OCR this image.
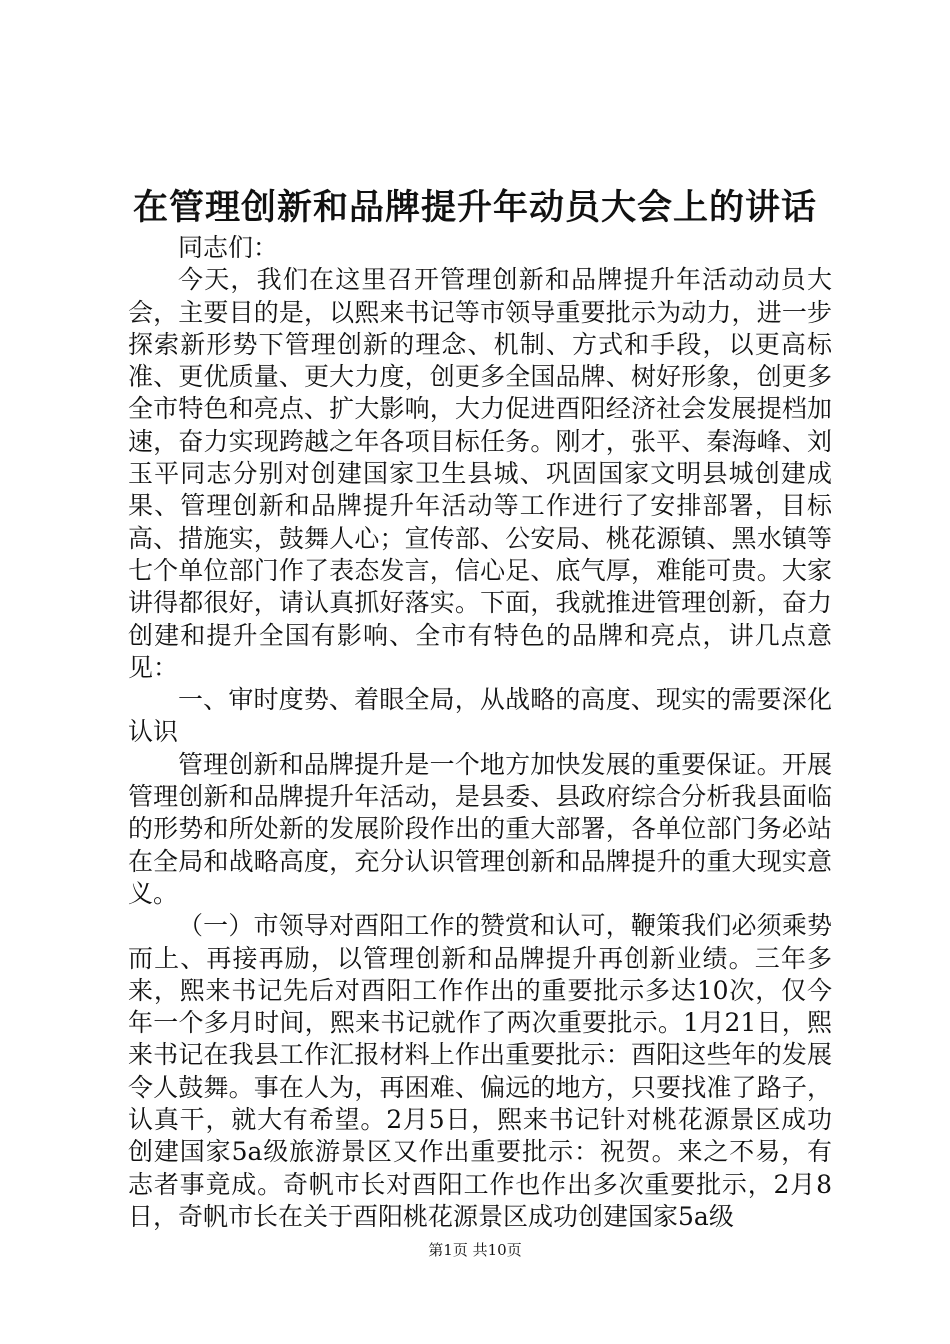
在管理创新和品牌提升年动员大会上的讲话

同志们：

今天，我们在这里召开管理创新和品牌提升年活动动员大会，主要目的是，以熙来书记等市领导重要批示为动力，进一步探索新形势下管理创新的理念、机制、方式和手段，以更高标准、更优质量、更大力度，创更多全国品牌、树好形象，创更多全市特色和亮点、扩大影响，大力促进酉阳经济社会发展提档加速，奋力实现跨越之年各项目标任务。刚才，张平、秦海峰、刘玉平同志分别对创建国家卫生县城、巩固国家文明县城创建成果、管理创新和品牌提升年活动等工作进行了安排部署，目标高、措施实，鼓舞人心；宣传部、公安局、桃花源镇、黑水镇等七个单位部门作了表态发言，信心足、底气厚，难能可贵。大家讲得都很好，请认真抓好落实。下面，我就推进管理创新，奋力创建和提升全国有影响、全市有特色的品牌和亮点，讲几点意见：

一、审时度势、着眼全局，从战略的高度、现实的需要深化认识

管理创新和品牌提升是一个地方加快发展的重要保证。开展管理创新和品牌提升年活动，是县委、县政府综合分析我县面临的形势和所处新的发展阶段作出的重大部署，各单位部门务必站在全局和战略高度，充分认识管理创新和品牌提升的重大现实意义。

（一）市领导对酉阳工作的赞赏和认可，鞭策我们必须乘势而上、再接再励，以管理创新和品牌提升再创新业绩。三年多来，熙来书记先后对酉阳工作作出的重要批示多达10次，仅今年一个多月时间，熙来书记就作了两次重要批示。1月21日，熙来书记在我县工作汇报材料上作出重要批示：酉阳这些年的发展令人鼓舞。事在人为，再困难、偏远的地方，只要找准了路子，认真干，就大有希望。2月5日，熙来书记针对桃花源景区成功创建国家5a级旅游景区又作出重要批示：祝贺。来之不易，有志者事竟成。奇帆市长对酉阳工作也作出多次重要批示，2月8日，奇帆市长在关于酉阳桃花源景区成功创建国家5a级

第1页 共10页
